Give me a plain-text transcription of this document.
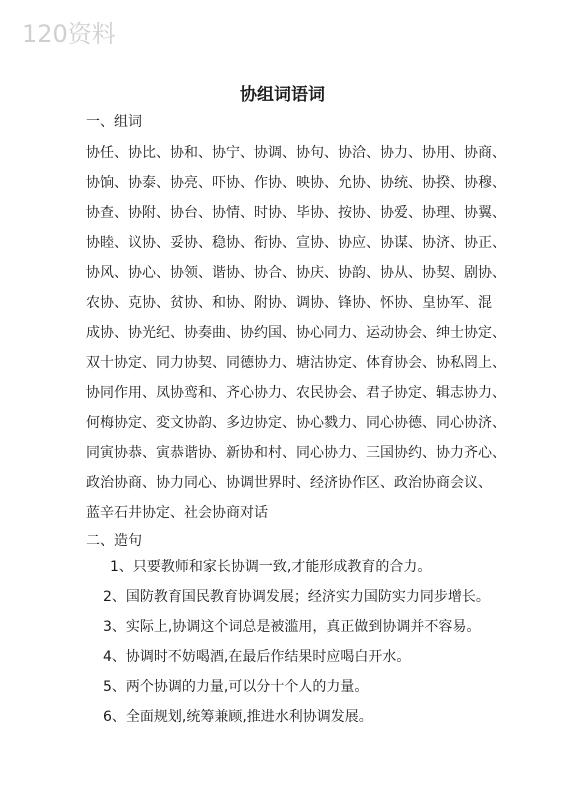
120资料
协组词语词
一、组词
协任、协比、协和、协宁、协调、协句、协洽、协力、协用、协商、
协饷、协泰、协亮、吓协、作协、映协、允协、协统、协揆、协穆、
协查、协附、协台、协情、时协、毕协、按协、协爱、协理、协翼、
协睦、议协、妥协、稳协、衔协、宣协、协应、协谋、协济、协正、
协风、协心、协领、谐协、协合、协庆、协韵、协从、协契、剧协、
农协、克协、贫协、和协、附协、调协、锋协、怀协、皇协军、混
成协、协光纪、协奏曲、协约国、协心同力、运动协会、绅士协定、
双十协定、同力协契、同德协力、塘沽协定、体育协会、协私罔上、
协同作用、凤协鸾和、齐心协力、农民协会、君子协定、辑志协力、
何梅协定、変文协韵、多边协定、协心戮力、同心协德、同心协济、
同寅协恭、寅恭谐协、新协和村、同心协力、三国协约、协力齐心、
政治协商、协力同心、协调世界时、经济协作区、政治协商会议、
蓝辛石井协定、社会协商对话
二、造句
1、只要教师和家长协调一致,才能形成教育的合力。
2、国防教育国民教育协调发展；经济实力国防实力同步增长。
3、实际上,协调这个词总是被滥用，真正做到协调并不容易。
4、协调时不妨喝酒,在最后作结果时应喝白开水。
5、两个协调的力量,可以分十个人的力量。
6、全面规划,统筹兼顾,推进水利协调发展。
